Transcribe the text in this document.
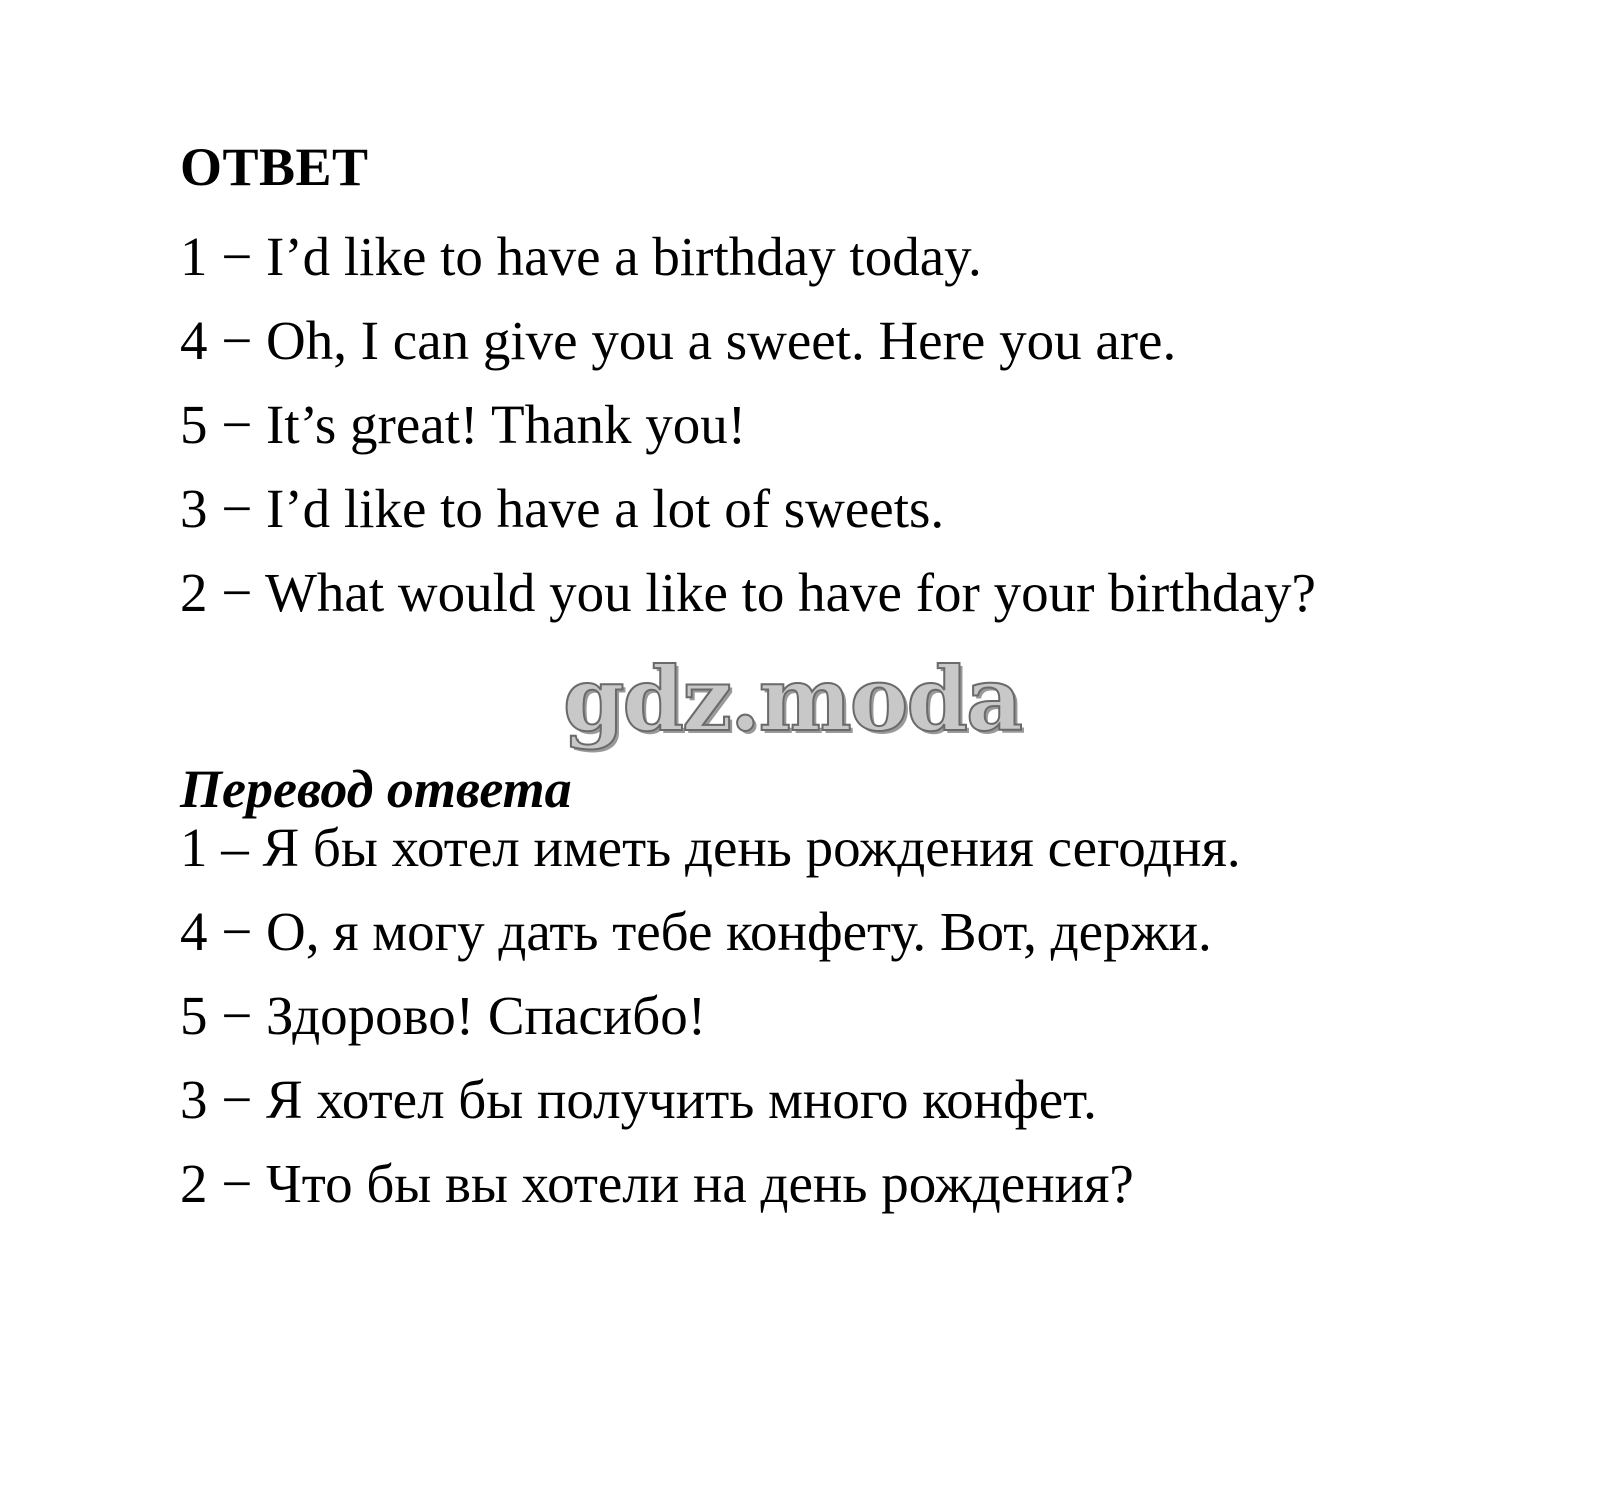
ОТВЕТ
1 − I’d like to have a birthday today.
4 − Oh, I can give you a sweet. Here you are.
5 − It’s great! Thank you!
3 − I’d like to have a lot of sweets.
2 − What would you like to have for your birthday?
gdz.moda
Перевод ответа
1 – Я бы хотел иметь день рождения сегодня.
4 − О, я могу дать тебе конфету. Вот, держи.
5 − Здорово! Спасибо!
3 − Я хотел бы получить много конфет.
2 − Что бы вы хотели на день рождения?
